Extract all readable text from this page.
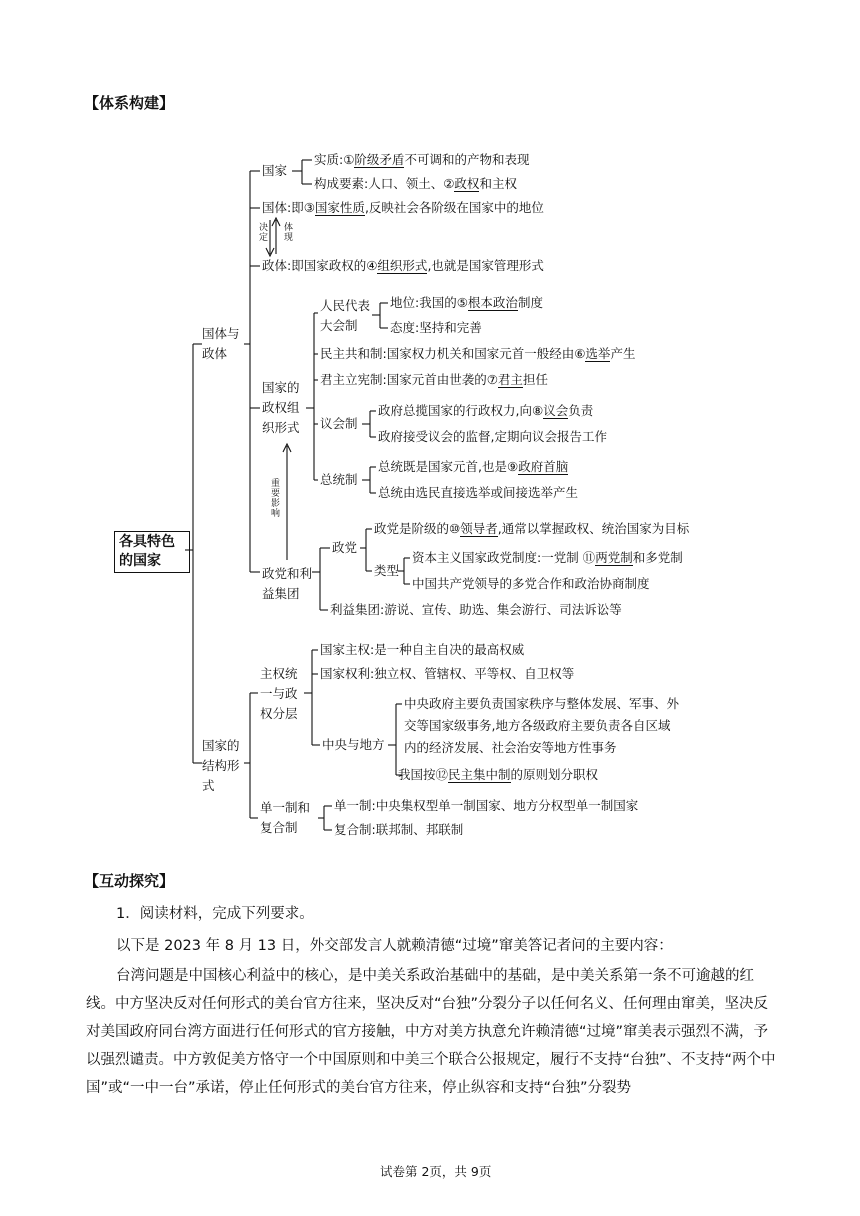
【体系构建】
各具特色的国家
国体与政体
国家的结构形式
国家
实质:①阶级矛盾不可调和的产物和表现
构成要素:人口、领土、②政权和主权
国体:即③国家性质,反映社会各阶级在国家中的地位
决定 体现
政体:即国家政权的④组织形式,也就是国家管理形式
国家的政权组织形式
人民代表大会制
地位:我国的⑤根本政治制度
态度:坚持和完善
民主共和制:国家权力机关和国家元首一般经由⑥选举产生
君主立宪制:国家元首由世袭的⑦君主担任
议会制
政府总揽国家的行政权力,向⑧议会负责
政府接受议会的监督,定期向议会报告工作
总统制
总统既是国家元首,也是⑨政府首脑
总统由选民直接选举或间接选举产生
重要影响
政党和利益集团
政党
政党是阶级的⑩领导者,通常以掌握政权、统治国家为目标
类型
资本主义国家政党制度:一党制 ⑪两党制和多党制
中国共产党领导的多党合作和政治协商制度
利益集团:游说、宣传、助选、集会游行、司法诉讼等
主权统一与政权分层
国家主权:是一种自主自决的最高权威
国家权利:独立权、管辖权、平等权、自卫权等
中央与地方
中央政府主要负责国家秩序与整体发展、军事、外
交等国家级事务,地方各级政府主要负责各自区域
内的经济发展、社会治安等地方性事务
我国按⑫民主集中制的原则划分职权
单一制和复合制
单一制:中央集权型单一制国家、地方分权型单一制国家
复合制:联邦制、邦联制
【互动探究】
1．阅读材料，完成下列要求。
以下是 2023 年 8 月 13 日，外交部发言人就赖清德“过境”窜美答记者问的主要内容：
台湾问题是中国核心利益中的核心，是中美关系政治基础中的基础，是中美关系第一条不可逾越的红线。中方坚决反对任何形式的美台官方往来，坚决反对“台独”分裂分子以任何名义、任何理由窜美，坚决反对美国政府同台湾方面进行任何形式的官方接触，中方对美方执意允许赖清德“过境”窜美表示强烈不满，予以强烈谴责。中方敦促美方恪守一个中国原则和中美三个联合公报规定，履行不支持“台独”、不支持“两个中国”或“一中一台”承诺，停止任何形式的美台官方往来，停止纵容和支持“台独”分裂势
试卷第 2页，共 9页
